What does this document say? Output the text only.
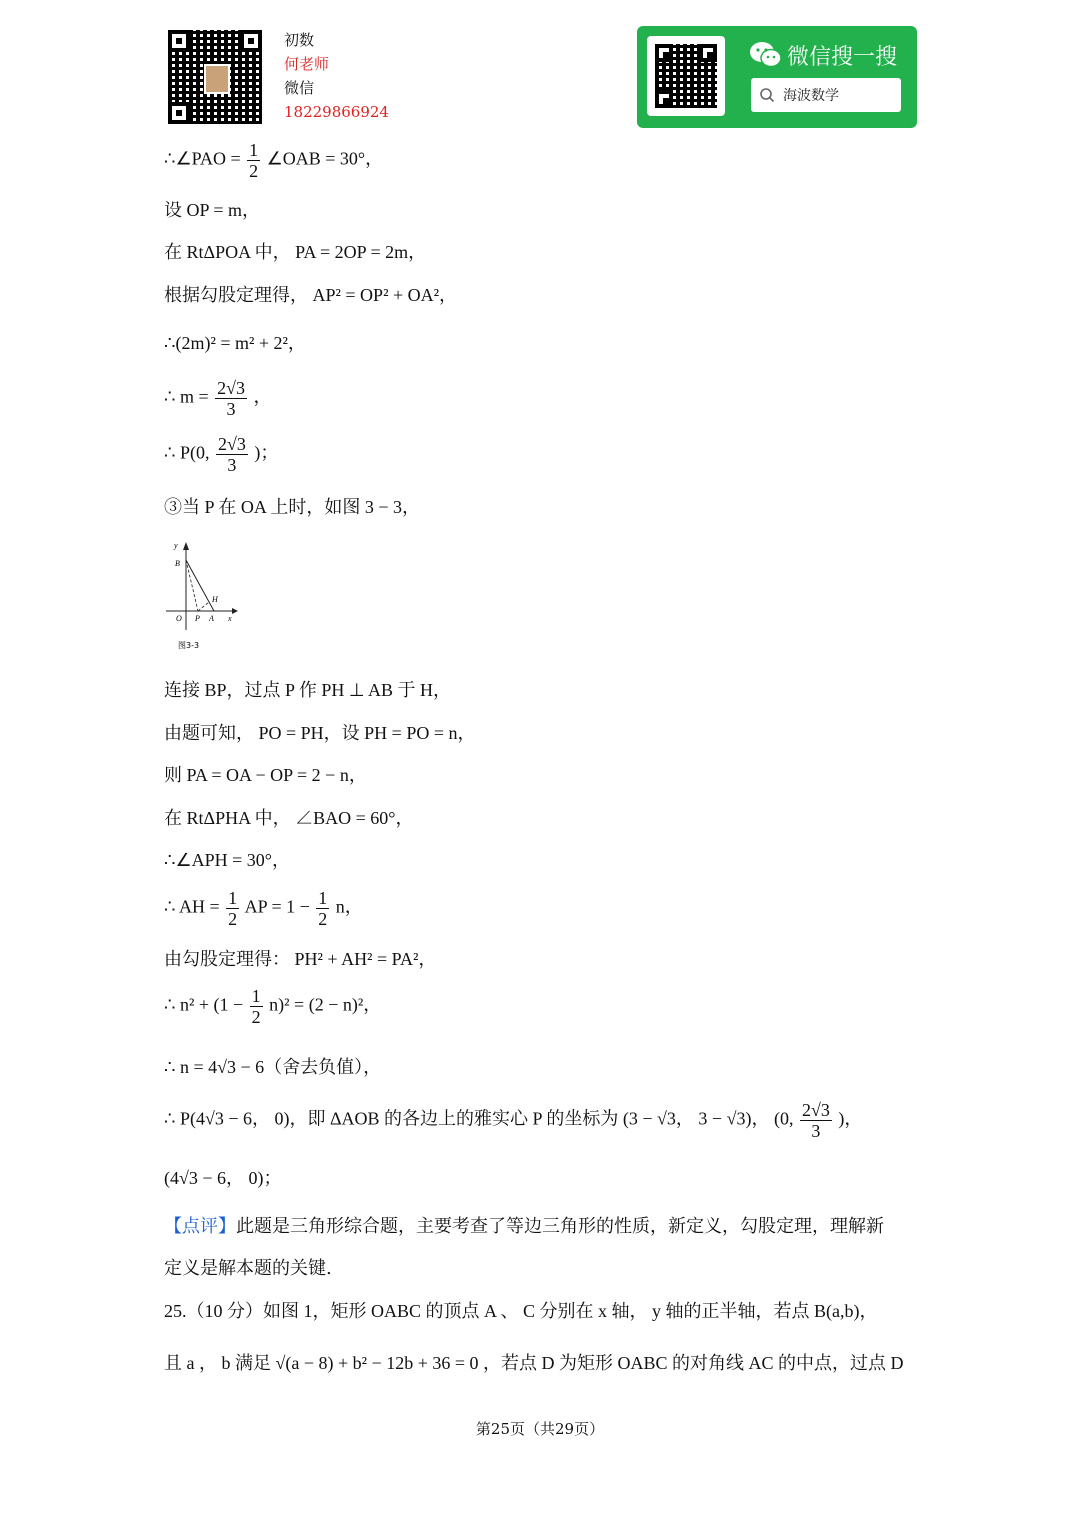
初数
何老师
微信
18229866924
微信搜一搜
海波数学
∴∠PAO = $\frac{1}{2}$ ∠OAB = 30°，
设 OP = m，
在 RtΔPOA 中， PA = 2OP = 2m，
根据勾股定理得， AP² = OP² + OA²，
∴(2m)² = m² + 2²，
∴ $m = \frac{2√3}{3}$ ，
∴ P(0, $\frac{2√3}{3}$ )；
③当 P 在 OA 上时，如图 3 − 3，
y
B
H
O P A x
图3-3
连接 BP，过点 P 作 PH ⊥ AB 于 H，
由题可知， PO = PH，设 PH = PO = n，
则 PA = OA − OP = 2 − n，
在 RtΔPHA 中， ∠BAO = 60°，
∴∠APH = 30°，
∴ AH = $\frac{1}{2}$ AP = $1 - \frac{1}{2}$ n，
由勾股定理得： PH² + AH² = PA²，
∴ $n^2 + (1 - \frac{1}{2} n)^2 = (2 - n)^2$，
∴ n = 4√3 − 6（舍去负值），
∴ P(4√3 − 6， 0)，即 ΔAOB 的各边上的雅实心 P 的坐标为 (3 − √3， 3 − √3)， (0, $\frac{2√3}{3}$ )，
(4√3 − 6， 0)；
【点评】此题是三角形综合题，主要考查了等边三角形的性质，新定义，勾股定理，理解新
定义是解本题的关键.
25.（10 分）如图 1，矩形 OABC 的顶点 A 、 C 分别在 x 轴， y 轴的正半轴，若点 B(a,b)，
且 a ， b 满足 √(a − 8) + b² − 12b + 36 = 0 ，若点 D 为矩形 OABC 的对角线 AC 的中点，过点 D
第25页（共29页）
